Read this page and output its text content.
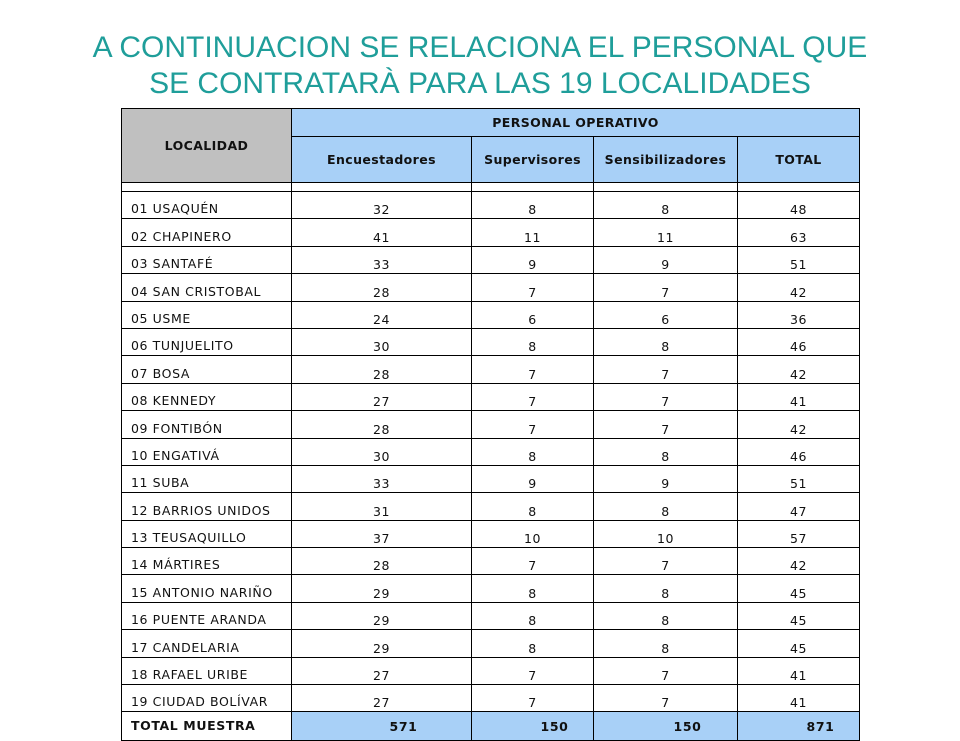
A CONTINUACION SE RELACIONA EL PERSONAL QUE
SE CONTRATARÀ PARA LAS 19 LOCALIDADES
LOCALIDAD	PERSONAL OPERATIVO			
	Encuestadores	Supervisores	Sensibilizadores	TOTAL

01 USAQUÉN	32	8	8	48
02 CHAPINERO	41	11	11	63
03 SANTAFÉ	33	9	9	51
04 SAN CRISTOBAL	28	7	7	42
05 USME	24	6	6	36
06 TUNJUELITO	30	8	8	46
07 BOSA	28	7	7	42
08 KENNEDY	27	7	7	41
09 FONTIBÓN	28	7	7	42
10 ENGATIVÁ	30	8	8	46
11 SUBA	33	9	9	51
12 BARRIOS UNIDOS	31	8	8	47
13 TEUSAQUILLO	37	10	10	57
14 MÁRTIRES	28	7	7	42
15 ANTONIO NARIÑO	29	8	8	45
16 PUENTE ARANDA	29	8	8	45
17 CANDELARIA	29	8	8	45
18 RAFAEL URIBE	27	7	7	41
19 CIUDAD BOLÍVAR	27	7	7	41
TOTAL MUESTRA	571	150	150	871
